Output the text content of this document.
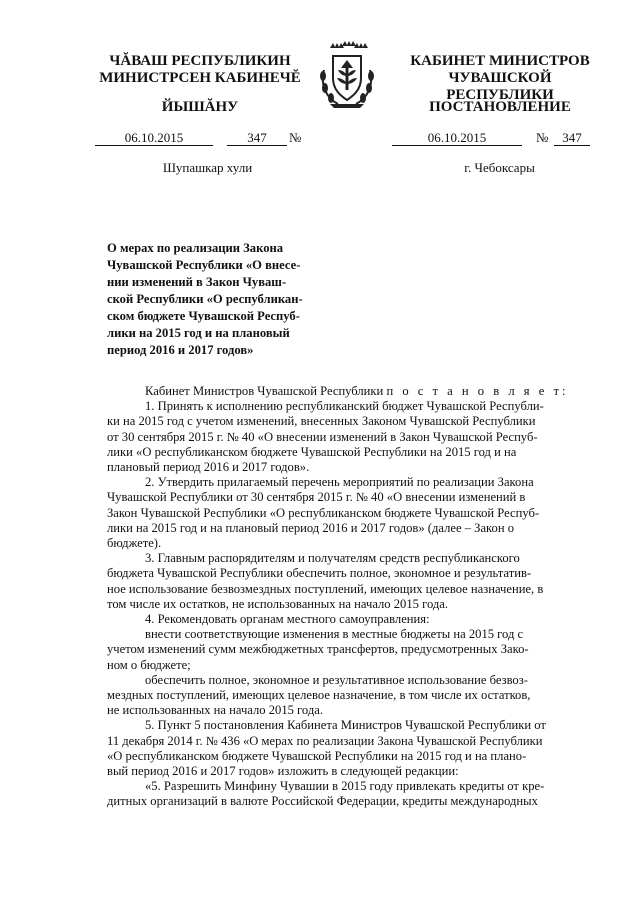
ЧĂВАШ РЕСПУБЛИКИН
МИНИСТРСЕН КАБИНЕЧĔ
КАБИНЕТ МИНИСТРОВ
ЧУВАШСКОЙ РЕСПУБЛИКИ
ЙЫШĂНУ	ПОСТАНОВЛЕНИЕ
06.10.2015	347	№	06.10.2015	№	347
Шупашкар хули	г. Чебоксары
О мерах по реализации Закона
Чувашской Республики «О внесе-
нии изменений в Закон Чуваш-
ской Республики «О республикан-
ском бюджете Чувашской Респуб-
лики на 2015 год и на плановый
период 2016 и 2017 годов»

Кабинет Министров Чувашской Республики п о с т а н о в л я е т:

1. Принять к исполнению республиканский бюджет Чувашской Республи-
ки на 2015 год с учетом изменений, внесенных Законом Чувашской Республики
от 30 сентября 2015 г. № 40 «О внесении изменений в Закон Чувашской Респуб-
лики «О республиканском бюджете Чувашской Республики на 2015 год и на
плановый период 2016 и 2017 годов».

2. Утвердить прилагаемый перечень мероприятий по реализации Закона
Чувашской Республики от 30 сентября 2015 г. № 40 «О внесении изменений в
Закон Чувашской Республики «О республиканском бюджете Чувашской Респуб-
лики на 2015 год и на плановый период 2016 и 2017 годов» (далее – Закон о
бюджете).

3. Главным распорядителям и получателям средств республиканского
бюджета Чувашской Республики обеспечить полное, экономное и результатив-
ное использование безвозмездных поступлений, имеющих целевое назначение, в
том числе их остатков, не использованных на начало 2015 года.

4. Рекомендовать органам местного самоуправления:

внести соответствующие изменения в местные бюджеты на 2015 год с
учетом изменений сумм межбюджетных трансфертов, предусмотренных Зако-
ном о бюджете;

обеспечить полное, экономное и результативное использование безвоз-
мездных поступлений, имеющих целевое назначение, в том числе их остатков,
не использованных на начало 2015 года.

5. Пункт 5 постановления Кабинета Министров Чувашской Республики от
11 декабря 2014 г. № 436 «О мерах по реализации Закона Чувашской Республики
«О республиканском бюджете Чувашской Республики на 2015 год и на плано-
вый период 2016 и 2017 годов» изложить в следующей редакции:

«5. Разрешить Минфину Чувашии в 2015 году привлекать кредиты от кре-
дитных организаций в валюте Российской Федерации, кредиты международных
